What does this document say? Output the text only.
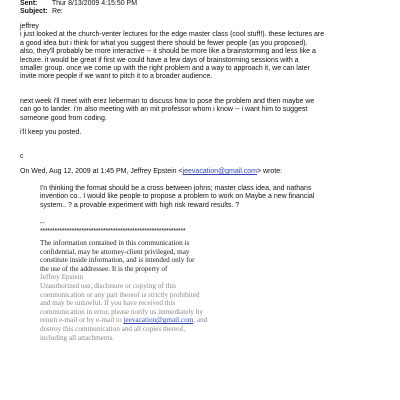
Sent: Thur 8/13/2009 4:15:50 PM
Subject: Re:
jeffrey
i just looked at the church-venter lectures for the edge master class (cool stuff!). these lectures are
a good idea but i think for what you suggest there should be fewer people (as you proposed).
also, they'll probably be more interactive -- it should be more like a brainstorming and less like a
lecture. it would be great if first we could have a few days of brainstorming sessions with a
smaller group. once we come up with the right problem and a way to approach it, we can later
invite more people if we want to pitch it to a broader audience.
next week i'll meet with erez lieberman to discuss how to pose the problem and then maybe we
can go to lander. i'm also meeting with an mit professor whom i know -- i want him to suggest
someone good from coding.
i'll keep you posted.
c
On Wed, Aug 12, 2009 at 1:45 PM, Jeffrey Epstein <jeevacation@gmail.com> wrote:
I'n thinking the format should be a cross between johns; master class idea, and nathans
invention co.. I would like people to propose a problem to work on Maybe a new financial
system.. ? a provable experiment with high risk reward results. ?
--
************************************************************
The information contained in this communication is
confidential, may be attorney-client privileged, may
constitute inside information, and is intended only for
the use of the addressee. It is the property of
Jeffrey Epstein
Unauthorized use, disclosure or copying of this
communication or any part thereof is strictly prohibited
and may be unlawful. If you have received this
communication in error, please notify us immediately by
return e-mail or by e-mail to jeevacation@gmail.com, and
destroy this communication and all copies thereof,
including all attachments.
